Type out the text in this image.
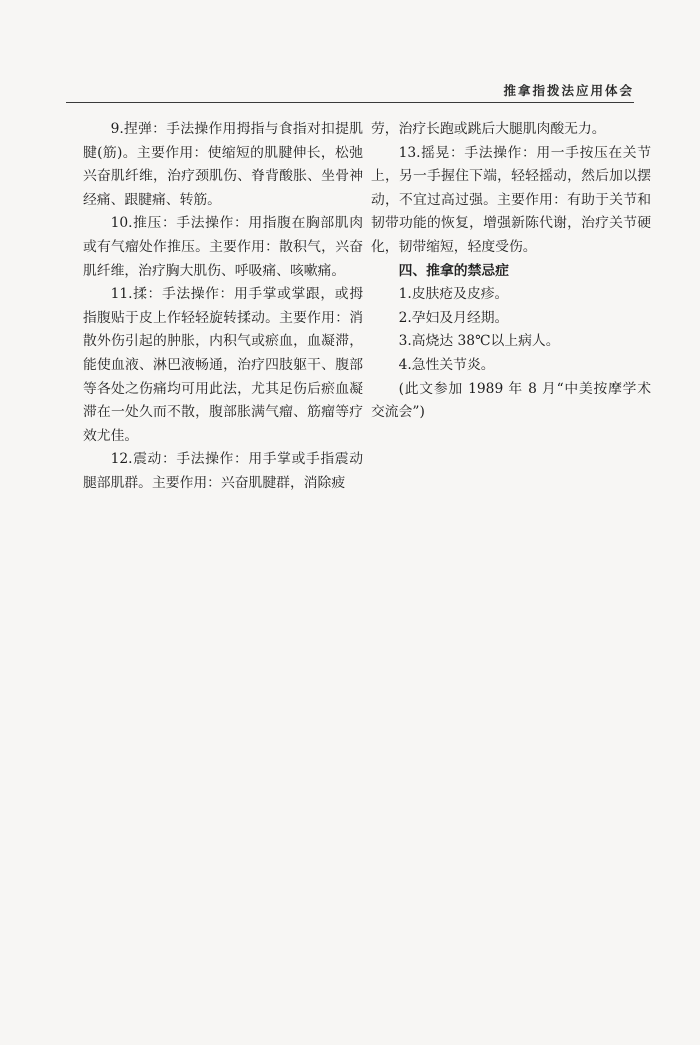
推拿指拨法应用体会

9.捏弹：手法操作用拇指与食指对扣提肌腱(筋)。主要作用：使缩短的肌腱伸长，松弛兴奋肌纤维，治疗颈肌伤、脊背酸胀、坐骨神经痛、跟腱痛、转筋。

10.推压：手法操作：用指腹在胸部肌肉或有气瘤处作推压。主要作用：散积气，兴奋肌纤维，治疗胸大肌伤、呼吸痛、咳嗽痛。

11.揉：手法操作：用手掌或掌跟，或拇指腹贴于皮上作轻轻旋转揉动。主要作用：消散外伤引起的肿胀，内积气或瘀血，血凝滞，能使血液、淋巴液畅通，治疗四肢躯干、腹部等各处之伤痛均可用此法，尤其足伤后瘀血凝滞在一处久而不散，腹部胀满气瘤、筋瘤等疗效尤佳。

12.震动：手法操作：用手掌或手指震动腿部肌群。主要作用：兴奋肌腱群，消除疲

劳，治疗长跑或跳后大腿肌肉酸无力。

13.摇晃：手法操作：用一手按压在关节上，另一手握住下端，轻轻摇动，然后加以摆动，不宜过高过强。主要作用：有助于关节和韧带功能的恢复，增强新陈代谢，治疗关节硬化，韧带缩短，轻度受伤。

四、推拿的禁忌症

1.皮肤疮及皮疹。

2.孕妇及月经期。

3.高烧达 38℃以上病人。

4.急性关节炎。

(此文参加 1989 年 8 月“中美按摩学术交流会”)
